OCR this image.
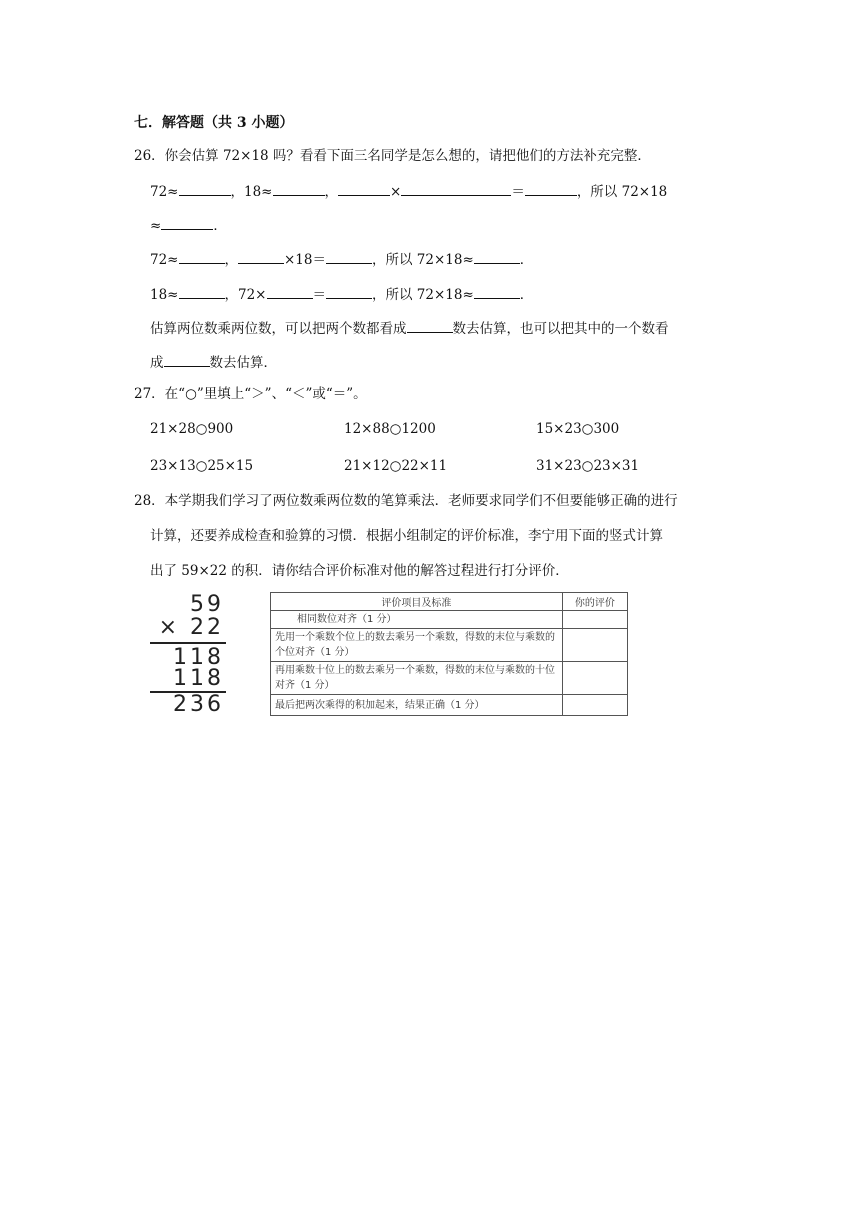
七．解答题（共 3 小题）
26．你会估算 72×18 吗？看看下面三名同学是怎么想的，请把他们的方法补充完整．
72≈	，18≈	，	×	＝	，所以 72×18
≈	．
72≈	，	×18＝	，所以 72×18≈	．
18≈	，72×	＝	，所以 72×18≈	．
估算两位数乘两位数，可以把两个数都看成	数去估算，也可以把其中的一个数看
成	数去估算．
27．在“○”里填上“＞”、“＜”或“＝”。
21×28○900	12×88○1200	15×23○300
23×13○25×15	21×12○22×11	31×23○23×31
28．本学期我们学习了两位数乘两位数的笔算乘法．老师要求同学们不但要能够正确的进行
计算，还要养成检查和验算的习惯．根据小组制定的评价标准，李宁用下面的竖式计算
出了 59×22 的积．请你结合评价标准对他的解答过程进行打分评价．
59
× 22
118
118
236
评价项目及标准	你的评价
相同数位对齐（1 分）	
先用一个乘数个位上的数去乘另一个乘数，得数的末位与乘数的个位对齐（1 分）	
再用乘数十位上的数去乘另一个乘数，得数的末位与乘数的十位对齐（1 分）	
最后把两次乘得的积加起来，结果正确（1 分）	
